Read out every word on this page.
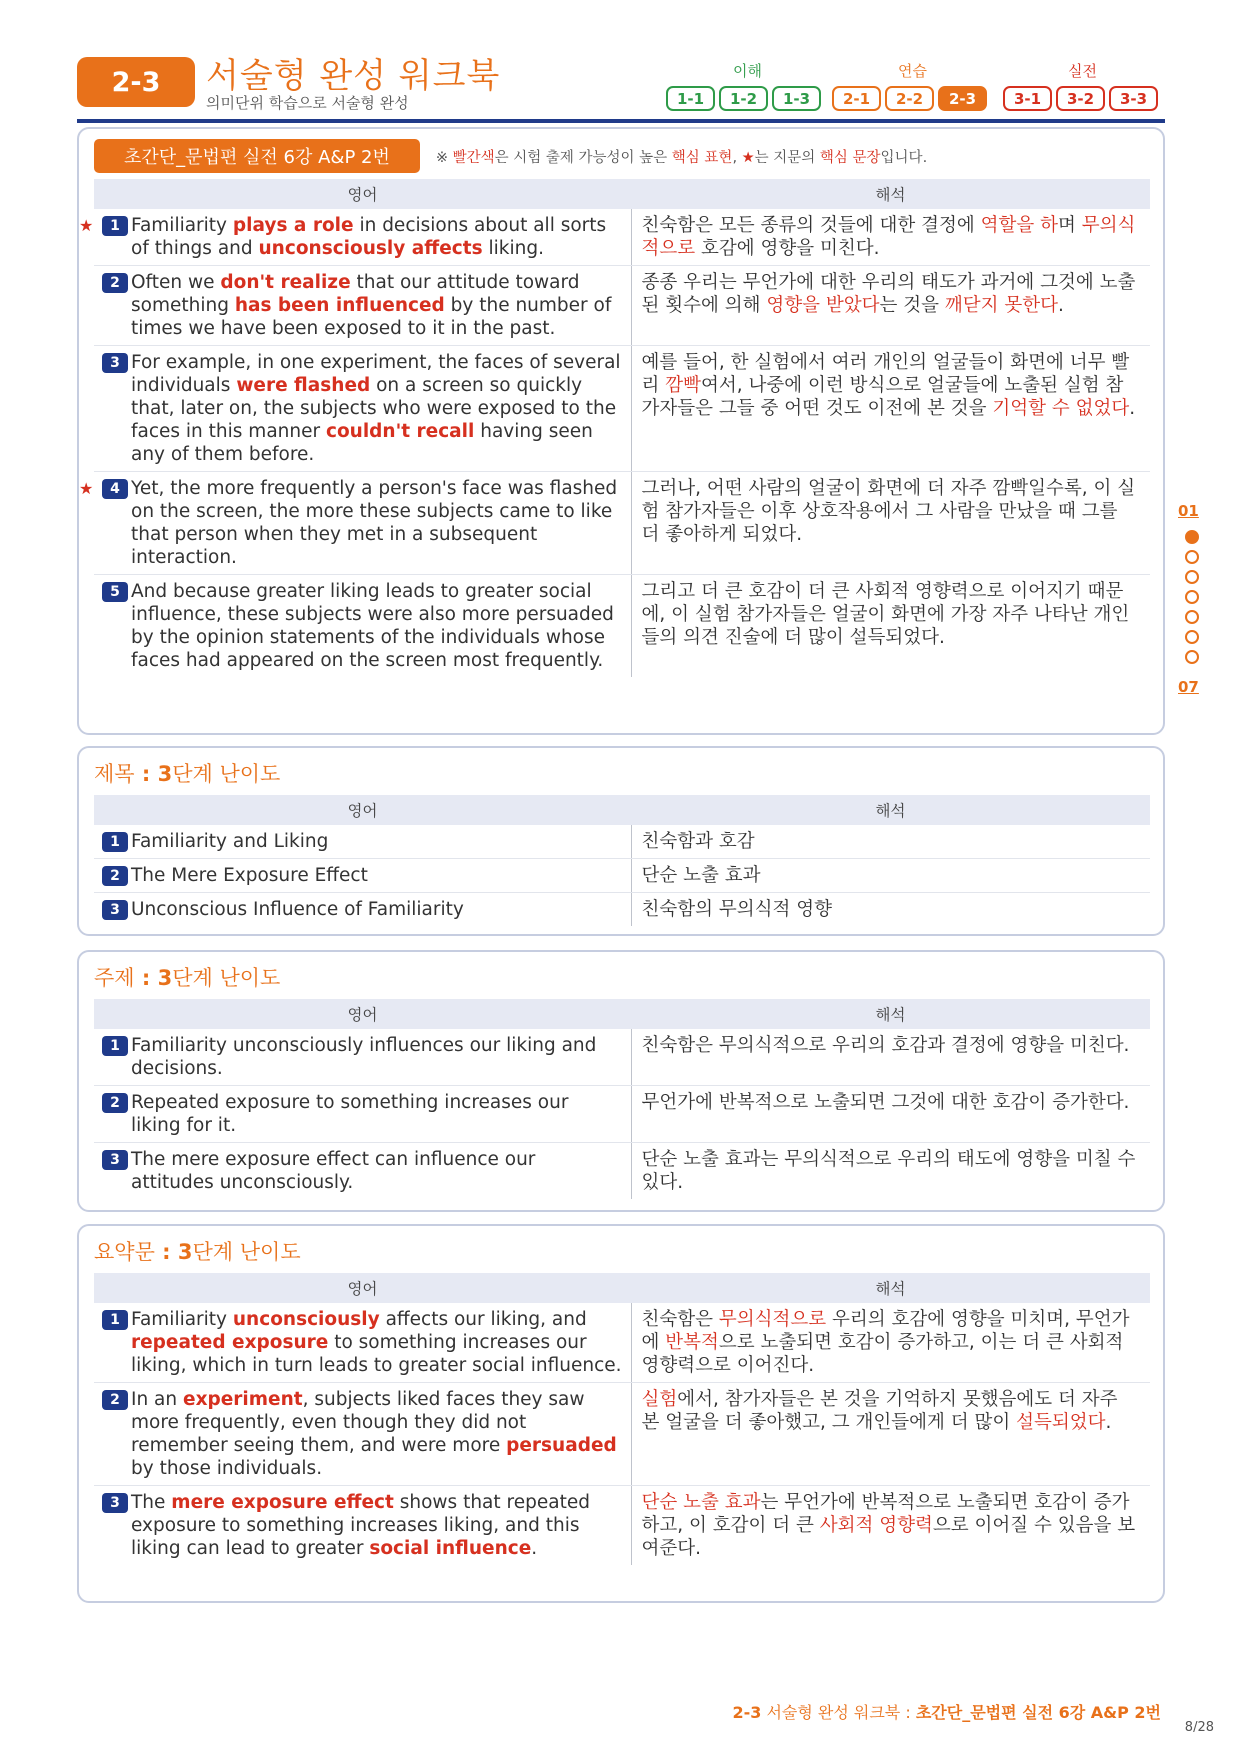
2-3	서술형 완성 워크북
의미단위 학습으로 서술형 완성
이해
1-1	1-2	1-3
연습
2-1	2-2	2-3
실전
3-1	3-2	3-3
초간단_문법편 실전 6강 A&P 2번	※ 빨간색은 시험 출제 가능성이 높은 핵심 표현, ★는 지문의 핵심 문장입니다.
영어	해석

★ 1 Familiarity plays a role in decisions about all sorts of things and unconsciously affects liking.	친숙함은 모든 종류의 것들에 대한 결정에 역할을 하며 무의식적으로 호감에 영향을 미친다.

2 Often we don't realize that our attitude toward something has been influenced by the number of times we have been exposed to it in the past.	종종 우리는 무언가에 대한 우리의 태도가 과거에 그것에 노출된 횟수에 의해 영향을 받았다는 것을 깨닫지 못한다.

3 For example, in one experiment, the faces of several individuals were flashed on a screen so quickly that, later on, the subjects who were exposed to the faces in this manner couldn't recall having seen any of them before.	예를 들어, 한 실험에서 여러 개인의 얼굴들이 화면에 너무 빨리 깜빡여서, 나중에 이런 방식으로 얼굴들에 노출된 실험 참가자들은 그들 중 어떤 것도 이전에 본 것을 기억할 수 없었다.

★ 4 Yet, the more frequently a person's face was flashed on the screen, the more these subjects came to like that person when they met in a subsequent interaction.	그러나, 어떤 사람의 얼굴이 화면에 더 자주 깜빡일수록, 이 실험 참가자들은 이후 상호작용에서 그 사람을 만났을 때 그를 더 좋아하게 되었다.

5 And because greater liking leads to greater social influence, these subjects were also more persuaded by the opinion statements of the individuals whose faces had appeared on the screen most frequently.	그리고 더 큰 호감이 더 큰 사회적 영향력으로 이어지기 때문에, 이 실험 참가자들은 얼굴이 화면에 가장 자주 나타난 개인들의 의견 진술에 더 많이 설득되었다.
제목 : 3단계 난이도
영어	해석

1 Familiarity and Liking	친숙함과 호감

2 The Mere Exposure Effect	단순 노출 효과

3 Unconscious Influence of Familiarity	친숙함의 무의식적 영향
주제 : 3단계 난이도
영어	해석

1 Familiarity unconsciously influences our liking and decisions.	친숙함은 무의식적으로 우리의 호감과 결정에 영향을 미친다.

2 Repeated exposure to something increases our liking for it.	무언가에 반복적으로 노출되면 그것에 대한 호감이 증가한다.

3 The mere exposure effect can influence our attitudes unconsciously.	단순 노출 효과는 무의식적으로 우리의 태도에 영향을 미칠 수 있다.
요약문 : 3단계 난이도
영어	해석

1 Familiarity unconsciously affects our liking, and repeated exposure to something increases our liking, which in turn leads to greater social influence.	친숙함은 무의식적으로 우리의 호감에 영향을 미치며, 무언가에 반복적으로 노출되면 호감이 증가하고, 이는 더 큰 사회적 영향력으로 이어진다.

2 In an experiment, subjects liked faces they saw more frequently, even though they did not remember seeing them, and were more persuaded by those individuals.	실험에서, 참가자들은 본 것을 기억하지 못했음에도 더 자주 본 얼굴을 더 좋아했고, 그 개인들에게 더 많이 설득되었다.

3 The mere exposure effect shows that repeated exposure to something increases liking, and this liking can lead to greater social influence.	단순 노출 효과는 무언가에 반복적으로 노출되면 호감이 증가하고, 이 호감이 더 큰 사회적 영향력으로 이어질 수 있음을 보여준다.
01
07
2-3 서술형 완성 워크북 : 초간단_문법편 실전 6강 A&P 2번
8/28
